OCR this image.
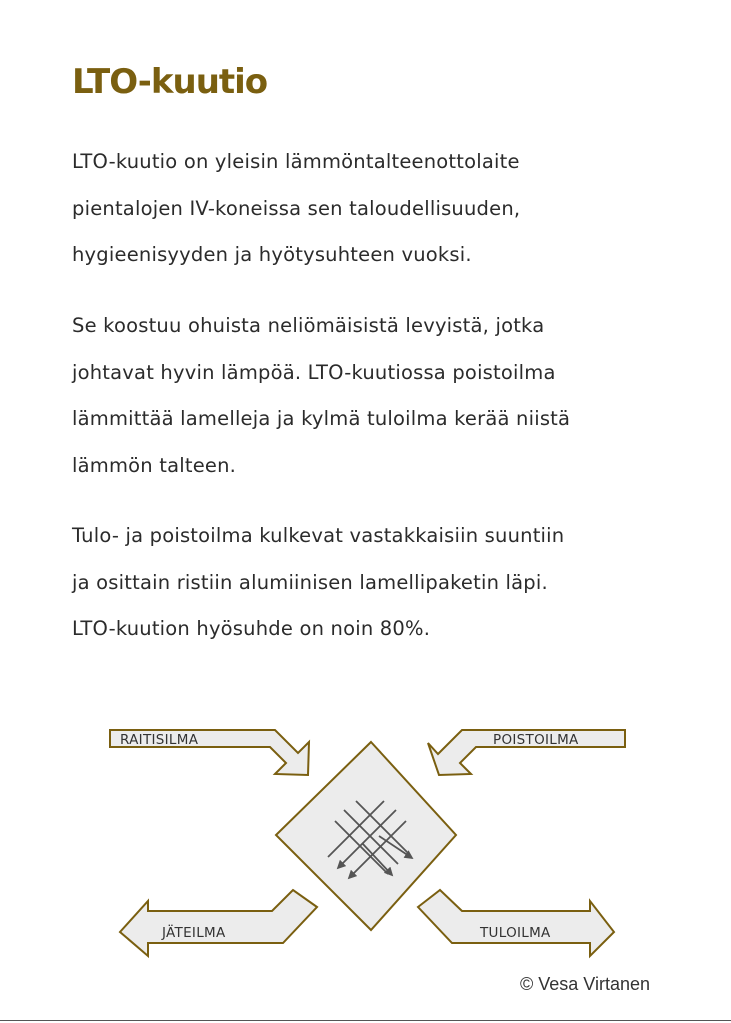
LTO-kuutio
LTO-kuutio on yleisin lämmöntalteenottolaite
pientalojen IV-koneissa sen taloudellisuuden,
hygieenisyyden ja hyötysuhteen vuoksi.
Se koostuu ohuista neliömäisistä levyistä, jotka
johtavat hyvin lämpöä. LTO-kuutiossa poistoilma
lämmittää lamelleja ja kylmä tuloilma kerää niistä
lämmön talteen.
Tulo- ja poistoilma kulkevat vastakkaisiin suuntiin
ja osittain ristiin alumiinisen lamellipaketin läpi.
LTO-kuution hyösuhde on noin 80%.
RAITISILMA	POISTOILMA
JÄTEILMA	TULOILMA
© Vesa Virtanen
